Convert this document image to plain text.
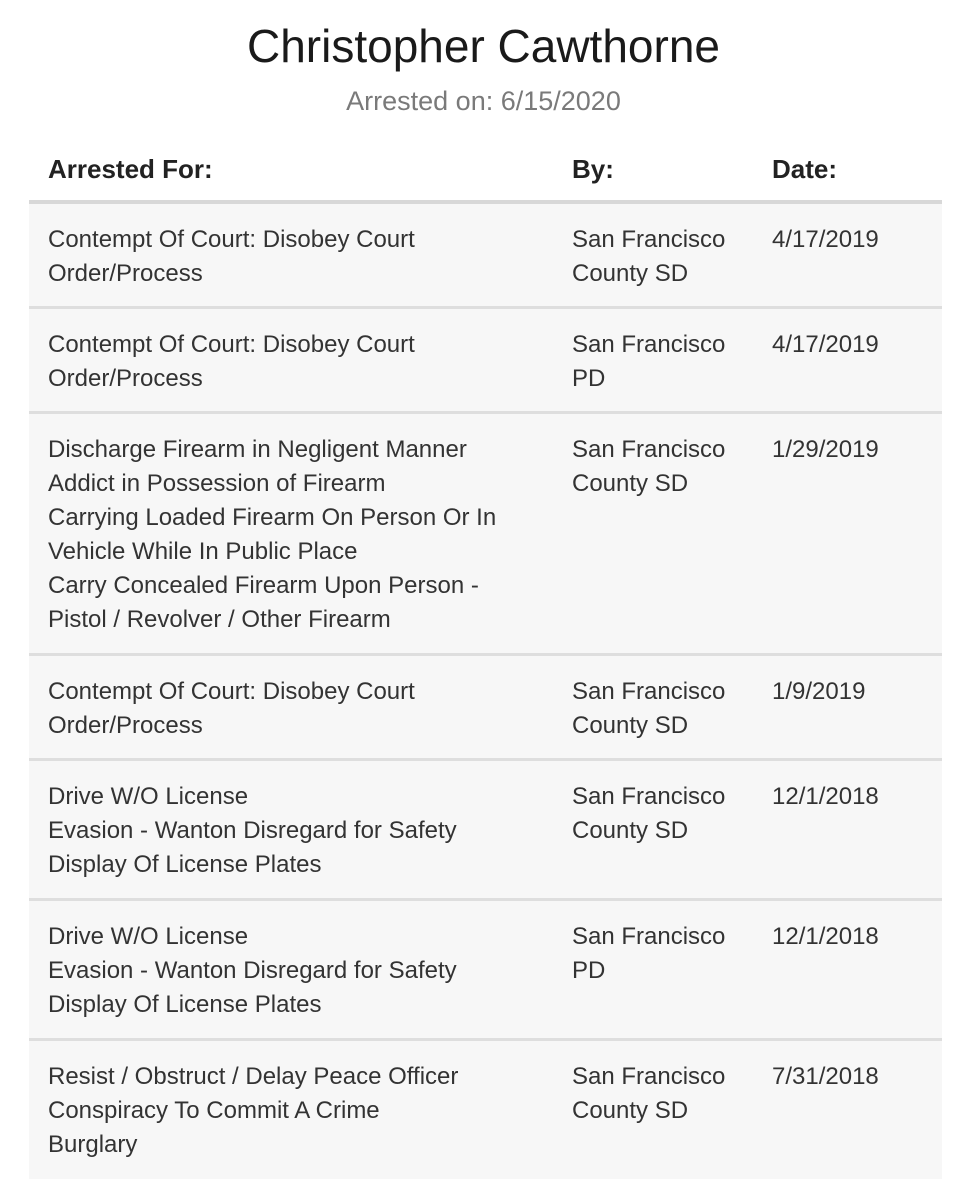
Christopher Cawthorne
Arrested on: 6/15/2020
Arrested For:	By:	Date:
Contempt Of Court: Disobey Court
Order/Process
San Francisco
County SD
4/17/2019
Contempt Of Court: Disobey Court
Order/Process
San Francisco
PD
4/17/2019
Discharge Firearm in Negligent Manner
Addict in Possession of Firearm
Carrying Loaded Firearm On Person Or In
Vehicle While In Public Place
Carry Concealed Firearm Upon Person -
Pistol / Revolver / Other Firearm
San Francisco
County SD
1/29/2019
Contempt Of Court: Disobey Court
Order/Process
San Francisco
County SD
1/9/2019
Drive W/O License
Evasion - Wanton Disregard for Safety
Display Of License Plates
San Francisco
County SD
12/1/2018
Drive W/O License
Evasion - Wanton Disregard for Safety
Display Of License Plates
San Francisco
PD
12/1/2018
Resist / Obstruct / Delay Peace Officer
Conspiracy To Commit A Crime
Burglary
San Francisco
County SD
7/31/2018
